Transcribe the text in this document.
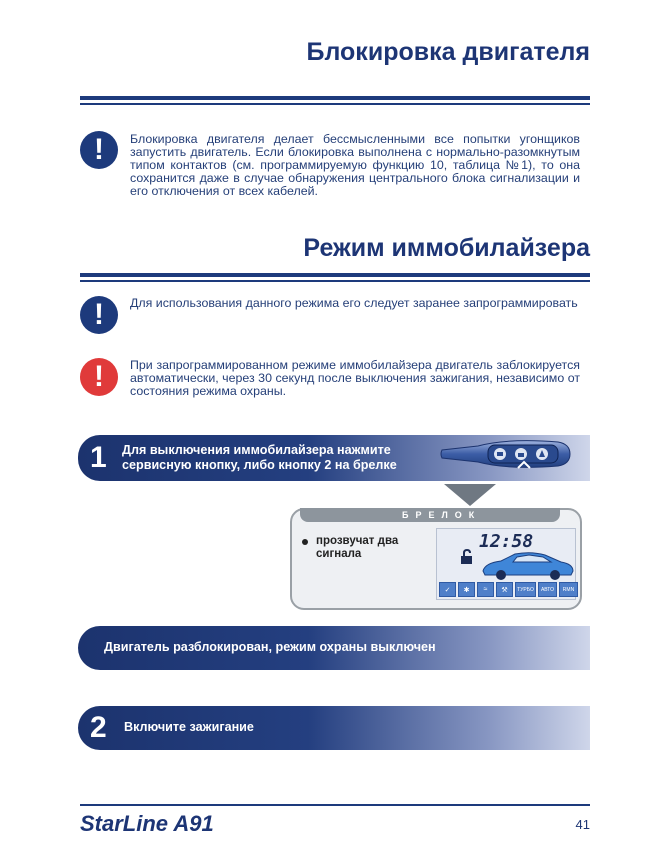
Блокировка двигателя
!	Блокировка двигателя делает бессмысленными все попытки угонщиков запустить двигатель. Если блокировка выполнена с нормально-разомкнутым типом контактов (см. программируемую функцию 10, таблица №1), то она сохранится даже в случае обнаружения центрального блока сигнализации и его отключения от всех кабелей.
Режим иммобилайзера
!	Для использования данного режима его следует заранее запрограммировать
!	При запрограммированном режиме иммобилайзера двигатель заблокируется автоматически, через 30 секунд после выключения зажигания, независимо от состояния режима охраны.
1 Для выключения иммобилайзера нажмите
сервисную кнопку, либо кнопку 2 на брелке
БРЕЛОК
прозвучат два сигнала
12:58
✓	✱	≈	⚒	ТУРБО	АВТО	RMN
Двигатель разблокирован, режим охраны выключен
2 Включите зажигание
StarLine A91	41
